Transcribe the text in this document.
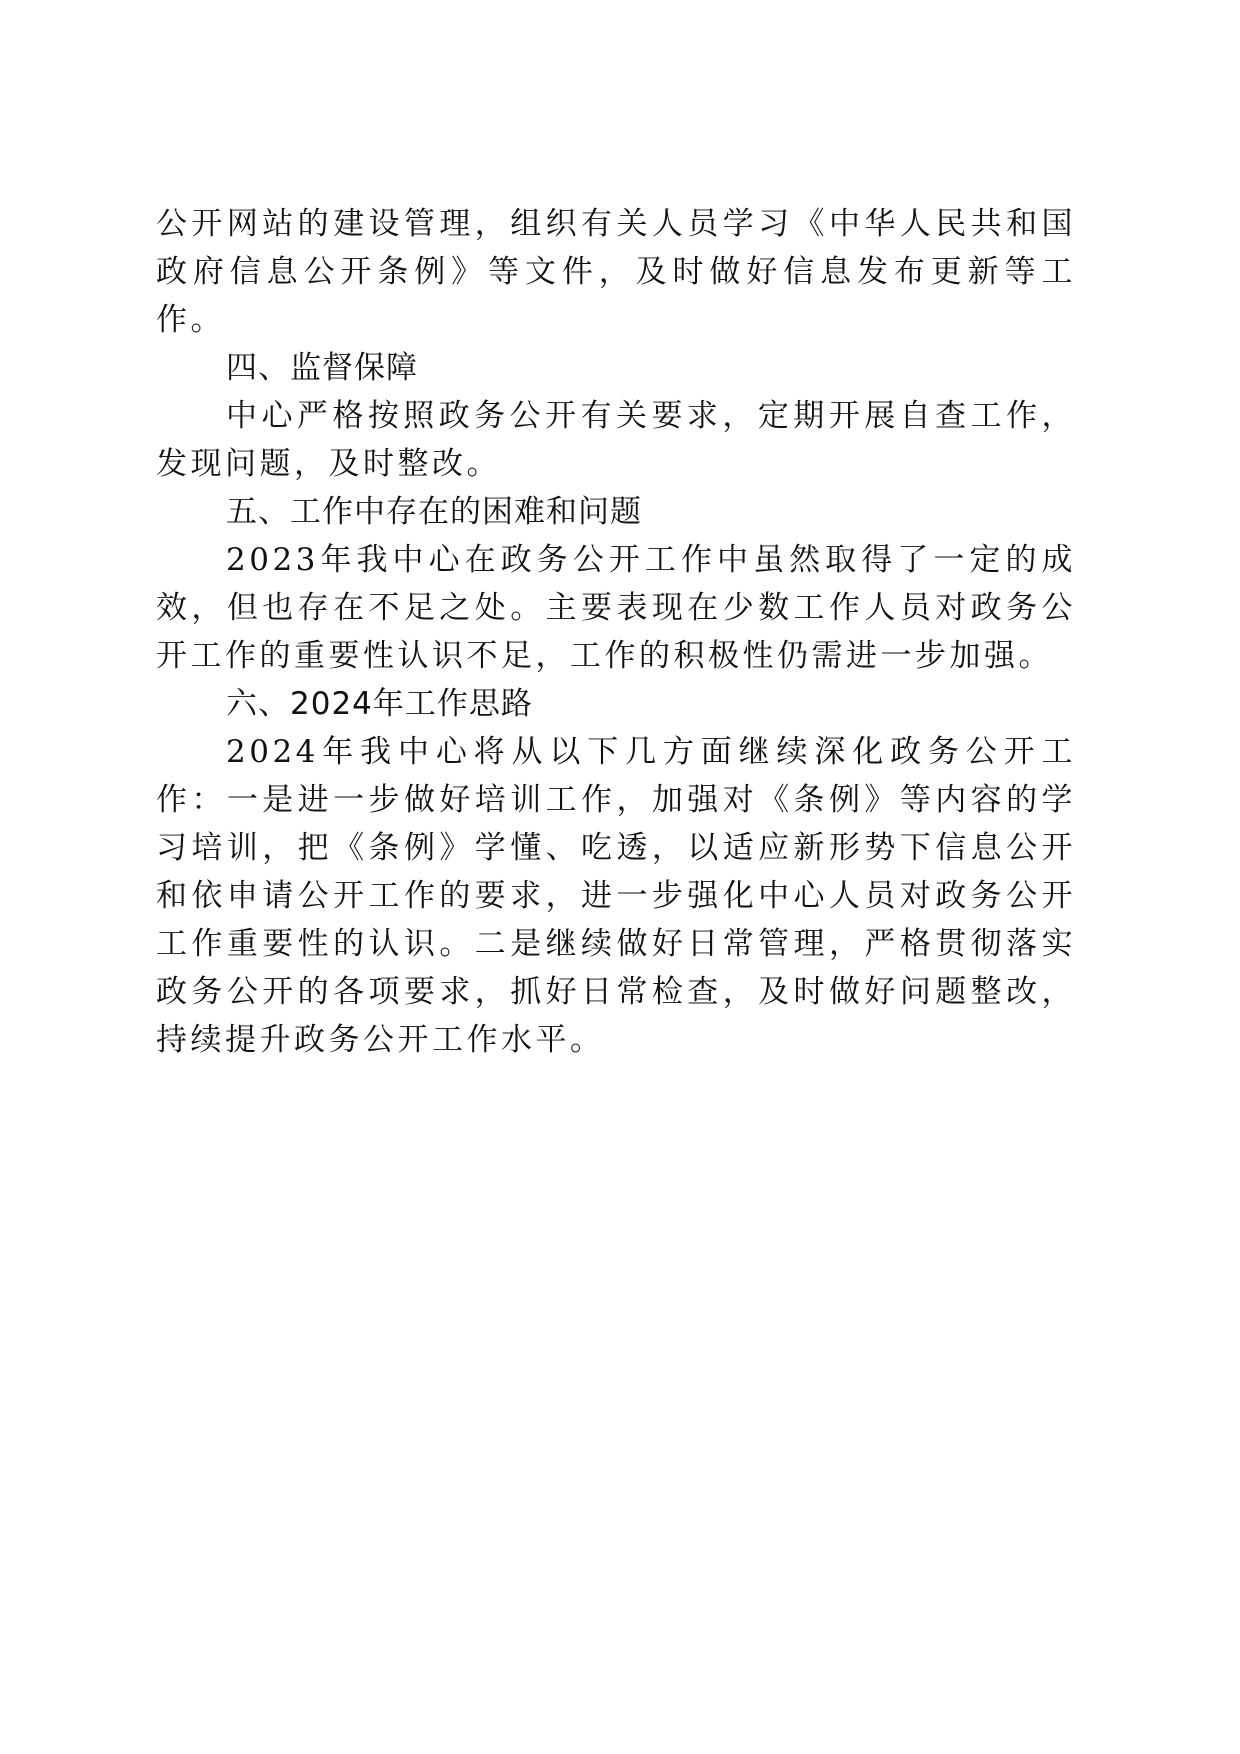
公开网站的建设管理，组织有关人员学习《中华人民共和国政府信息公开条例》等文件，及时做好信息发布更新等工作。

四、监督保障

中心严格按照政务公开有关要求，定期开展自查工作，发现问题，及时整改。

五、工作中存在的困难和问题

2023年我中心在政务公开工作中虽然取得了一定的成效，但也存在不足之处。主要表现在少数工作人员对政务公开工作的重要性认识不足，工作的积极性仍需进一步加强。

六、2024年工作思路

2024年我中心将从以下几方面继续深化政务公开工作：一是进一步做好培训工作，加强对《条例》等内容的学习培训，把《条例》学懂、吃透，以适应新形势下信息公开和依申请公开工作的要求，进一步强化中心人员对政务公开工作重要性的认识。二是继续做好日常管理，严格贯彻落实政务公开的各项要求，抓好日常检查，及时做好问题整改，持续提升政务公开工作水平。
